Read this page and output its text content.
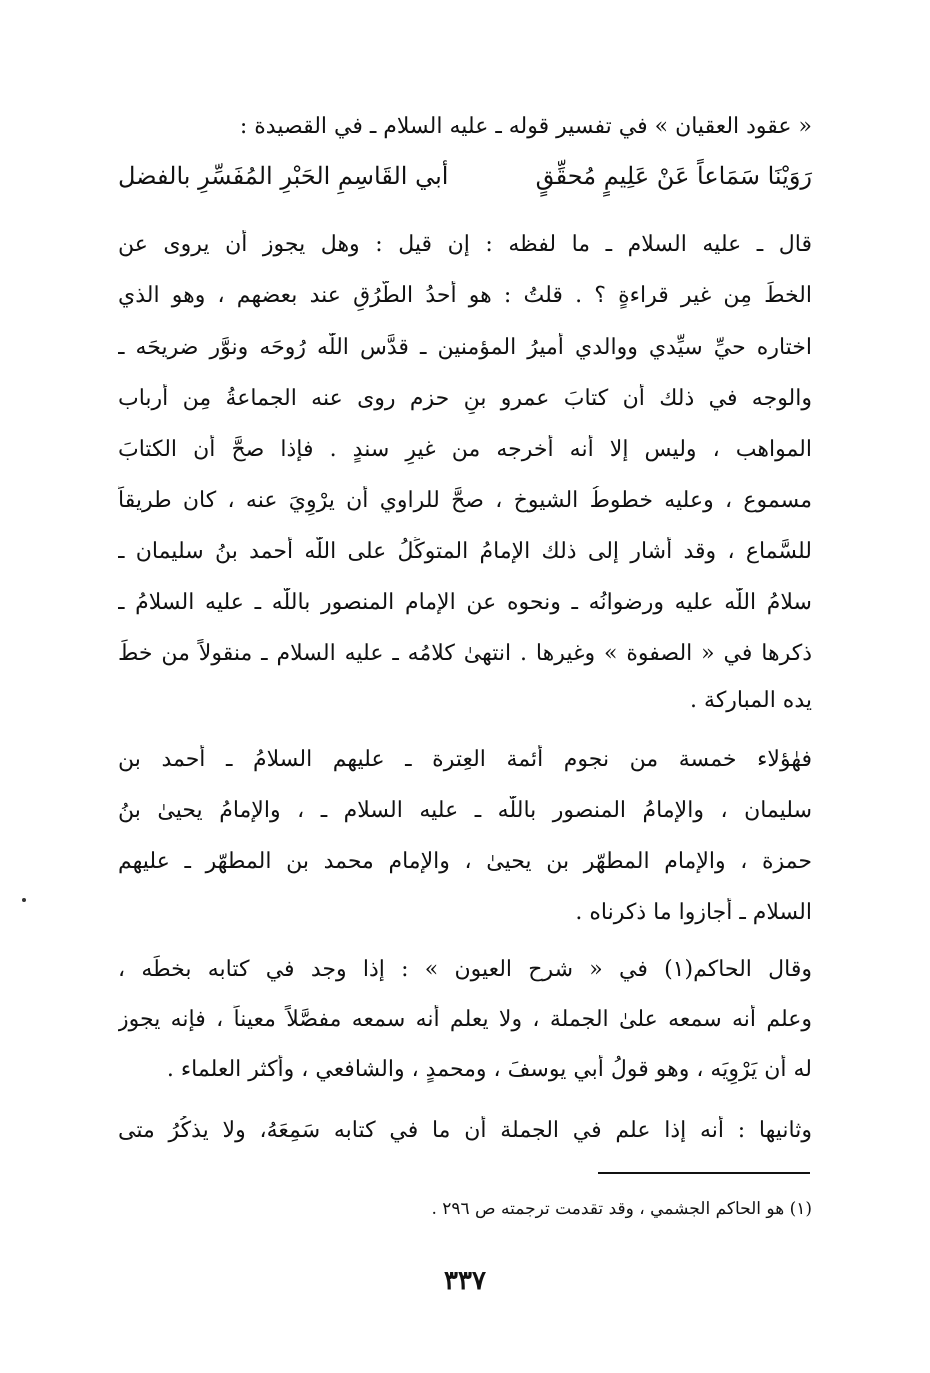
« عقود العقيان » في تفسير قوله ـ عليه السلام ـ في القصيدة :
رَوَيْنَا سَمَاعاً عَنْ عَلِيمٍ مُحقِّقٍ
أبي القَاسِمِ الحَبْرِ المُفَسِّرِ بالفضل
قال ـ عليه السلام ـ ما لفظه : إن قيل : وهل يجوز أن يروى عن
الخطِّ مِن غير قراءةٍ ؟ . قلتُ : هو أحدُ الطُّرُقِ عند بعضهم ، وهو الذي
اختاره حيِّ سيِّدي ووالدي أميرُ المؤمنين ـ قدَّس اللّٰه رُوحَه ونوَّر ضريحَه ـ
والوجه في ذلك أن كتابَ عمرو بنِ حزم روى عنه الجماعةُ مِن أرباب
المواهب ، وليس إلا أنه أخرجه من غيرِ سندٍ . فإذا صحَّ أن الكتابَ
مسموع ، وعليه خطوطُ الشيوخ ، صحَّ للراوي أن يرْوِيَ عنه ، كان طريقاً
للسَّماع ، وقد أشار إلى ذلك الإمامُ المتوكِّلُ على اللّٰه أحمد بنُ سليمان ـ
سلامُ اللّٰه عليه ورضوانُه ـ ونحوه عن الإمام المنصور باللّٰه ـ عليه السلامُ ـ
ذكرها في « الصفوة » وغيرها . انتهىٰ كلامُه ـ عليه السلام ـ منقولاً من خطِّ
يده المباركة .
فهٰؤلاء خمسة من نجوم أئمة العِترة ـ عليهم السلامُ ـ أحمد بن
سليمان ، والإمامُ المنصور باللّٰه ـ عليه السلام ـ ، والإمامُ يحيىٰ بنُ
حمزة ، والإمام المطهّر بن يحيىٰ ، والإمام محمد بن المطهّر ـ عليهم
السلام ـ أجازوا ما ذكرناه .
وقال الحاكم(١) في « شرح العيون » : إذا وجد في كتابه بخطِّه ،
وعلم أنه سمعه علىٰ الجملة ، ولا يعلم أنه سمعه مفصَّلاً معيناً ، فإنه يجوز
له أن يَرْوِيَه ، وهو قولُ أبي يوسفَ ، ومحمدٍ ، والشافعي ، وأكثر العلماء .
وثانيها : أنه إذا علم في الجملة أن ما في كتابه سَمِعَهُ، ولا يذكُرُ متى
(١) هو الحاكم الجشمي ، وقد تقدمت ترجمته ص ٢٩٦ .
٣٣٧
